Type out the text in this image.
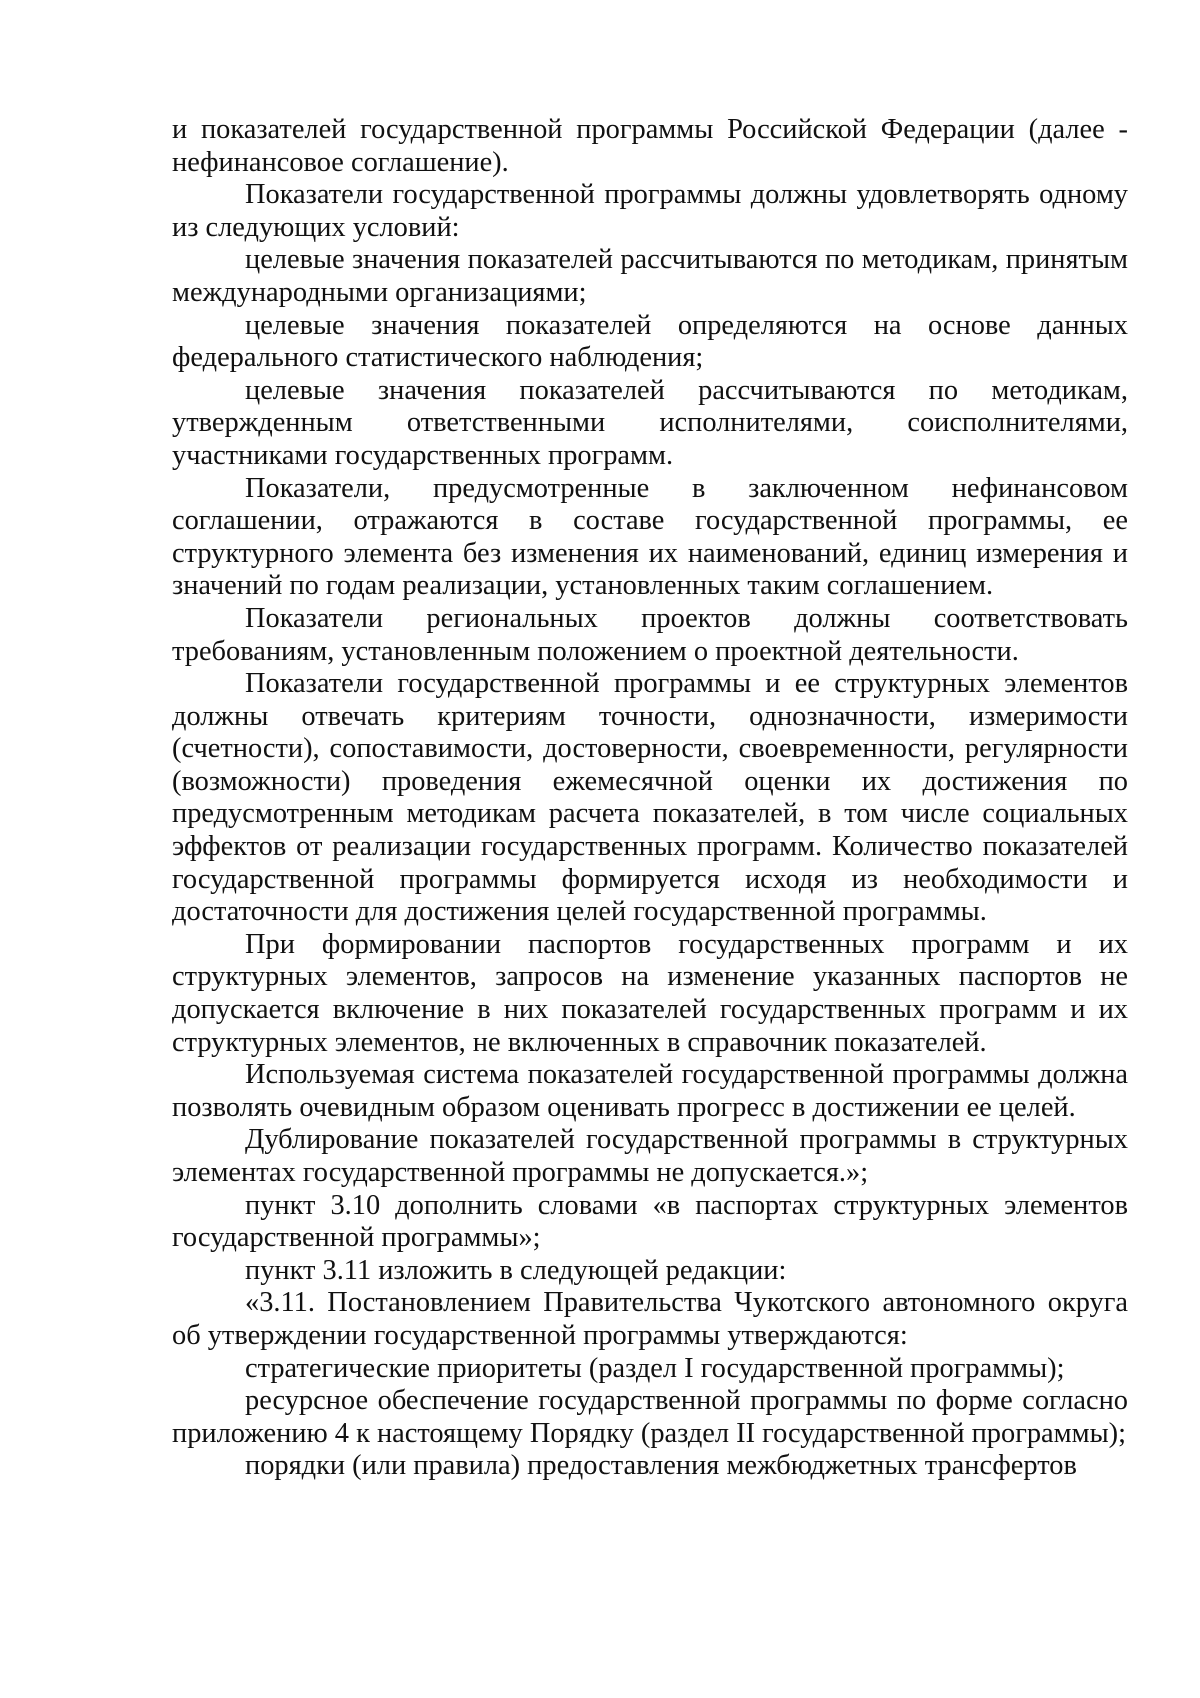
и показателей государственной программы Российской Федерации (далее - нефинансовое соглашение).

Показатели государственной программы должны удовлетворять одному из следующих условий:

целевые значения показателей рассчитываются по методикам, принятым международными организациями;

целевые значения показателей определяются на основе данных федерального статистического наблюдения;

целевые значения показателей рассчитываются по методикам, утвержденным ответственными исполнителями, соисполнителями, участниками государственных программ.

Показатели, предусмотренные в заключенном нефинансовом соглашении, отражаются в составе государственной программы, ее структурного элемента без изменения их наименований, единиц измерения и значений по годам реализации, установленных таким соглашением.

Показатели региональных проектов должны соответствовать требованиям, установленным положением о проектной деятельности.

Показатели государственной программы и ее структурных элементов должны отвечать критериям точности, однозначности, измеримости (счетности), сопоставимости, достоверности, своевременности, регулярности (возможности) проведения ежемесячной оценки их достижения по предусмотренным методикам расчета показателей, в том числе социальных эффектов от реализации государственных программ. Количество показателей государственной программы формируется исходя из необходимости и достаточности для достижения целей государственной программы.

При формировании паспортов государственных программ и их структурных элементов, запросов на изменение указанных паспортов не допускается включение в них показателей государственных программ и их структурных элементов, не включенных в справочник показателей.

Используемая система показателей государственной программы должна позволять очевидным образом оценивать прогресс в достижении ее целей.

Дублирование показателей государственной программы в структурных элементах государственной программы не допускается.»;

пункт 3.10 дополнить словами «в паспортах структурных элементов государственной программы»;

пункт 3.11 изложить в следующей редакции:

«3.11. Постановлением Правительства Чукотского автономного округа об утверждении государственной программы утверждаются:

стратегические приоритеты (раздел I государственной программы);

ресурсное обеспечение государственной программы по форме согласно приложению 4 к настоящему Порядку (раздел II государственной программы);

порядки (или правила) предоставления межбюджетных трансфертов
